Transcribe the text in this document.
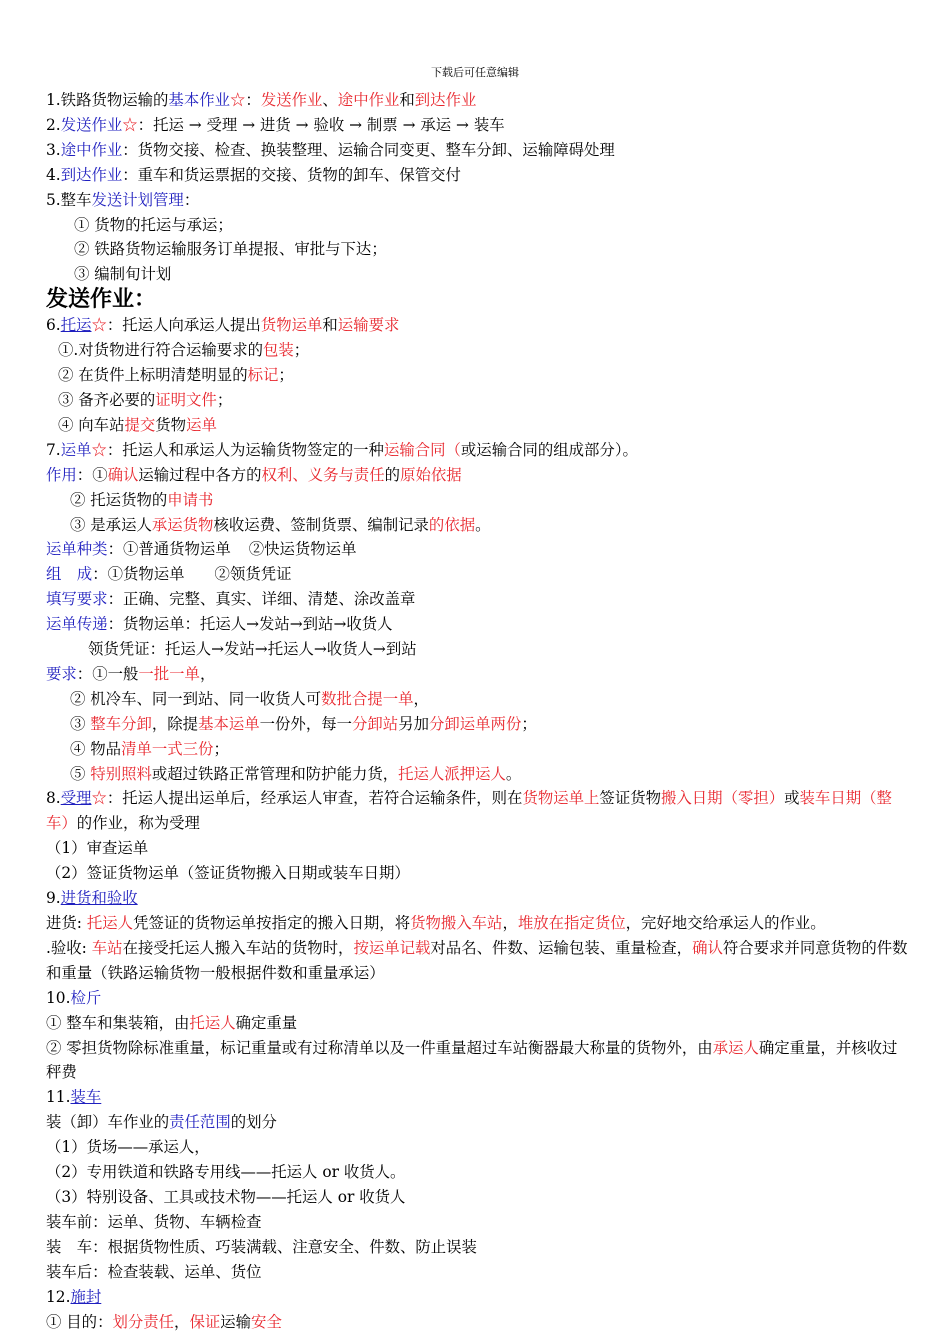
下载后可任意编辑
1.铁路货物运输的基本作业☆：发送作业、途中作业和到达作业
2.发送作业☆：托运 → 受理 → 进货 → 验收 → 制票 → 承运 → 装车
3.途中作业：货物交接、检查、换装整理、运输合同变更、整车分卸、运输障碍处理
4.到达作业：重车和货运票据的交接、货物的卸车、保管交付
5.整车发送计划管理：
① 货物的托运与承运；
② 铁路货物运输服务订单提报、审批与下达；
③ 编制旬计划
发送作业：
6.托运☆：托运人向承运人提出货物运单和运输要求
①.对货物进行符合运输要求的包装；
② 在货件上标明清楚明显的标记；
③ 备齐必要的证明文件；
④ 向车站提交货物运单
7.运单☆：托运人和承运人为运输货物签定的一种运输合同（或运输合同的组成部分）。
作用：①确认运输过程中各方的权利、义务与责任的原始依据
② 托运货物的申请书
③ 是承运人承运货物核收运费、签制货票、编制记录的依据。
运单种类：①普通货物运单 ②快运货物运单
组　成：①货物运单 ②领货凭证
填写要求：正确、完整、真实、详细、清楚、涂改盖章
运单传递：货物运单：托运人→发站→到站→收货人
领货凭证：托运人→发站→托运人→收货人→到站
要求：①一般一批一单，
② 机冷车、同一到站、同一收货人可数批合提一单，
③ 整车分卸，除提基本运单一份外，每一分卸站另加分卸运单两份；
④ 物品清单一式三份；
⑤ 特别照料或超过铁路正常管理和防护能力货，托运人派押运人。
8.受理☆：托运人提出运单后，经承运人审查，若符合运输条件，则在货物运单上签证货物搬入日期（零担）或装车日期（整车）的作业，称为受理
（1）审查运单
（2）签证货物运单（签证货物搬入日期或装车日期）
9.进货和验收
进货: 托运人凭签证的货物运单按指定的搬入日期，将货物搬入车站，堆放在指定货位，完好地交给承运人的作业。
.验收: 车站在接受托运人搬入车站的货物时，按运单记载对品名、件数、运输包装、重量检查，确认符合要求并同意货物的件数和重量（铁路运输货物一般根据件数和重量承运）
10.检斤
① 整车和集装箱，由托运人确定重量
② 零担货物除标准重量，标记重量或有过称清单以及一件重量超过车站衡器最大称量的货物外，由承运人确定重量，并核收过秤费
11.装车
装（卸）车作业的责任范围的划分
（1）货场——承运人，
（2）专用铁道和铁路专用线——托运人 or 收货人。
（3）特别设备、工具或技术物——托运人 or 收货人
装车前：运单、货物、车辆检查
装　车：根据货物性质、巧装满载、注意安全、件数、防止误装
装车后：检查装载、运单、货位
12.施封
① 目的：划分责任，保证运输安全
